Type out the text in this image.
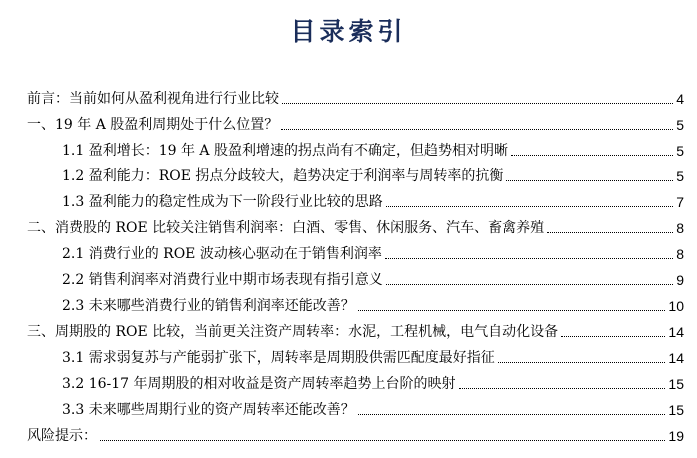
目录索引
前言：当前如何从盈利视角进行行业比较	4
一、19 年 A 股盈利周期处于什么位置？	5
1.1 盈利增长：19 年 A 股盈利增速的拐点尚有不确定，但趋势相对明晰	5
1.2 盈利能力：ROE 拐点分歧较大，趋势决定于利润率与周转率的抗衡	5
1.3 盈利能力的稳定性成为下一阶段行业比较的思路	7
二、消费股的 ROE 比较关注销售利润率：白酒、零售、休闲服务、汽车、畜禽养殖	8
2.1 消费行业的 ROE 波动核心驱动在于销售利润率	8
2.2 销售利润率对消费行业中期市场表现有指引意义	9
2.3 未来哪些消费行业的销售利润率还能改善？	10
三、周期股的 ROE 比较，当前更关注资产周转率：水泥，工程机械，电气自动化设备	14
3.1 需求弱复苏与产能弱扩张下，周转率是周期股供需匹配度最好指征	14
3.2 16-17 年周期股的相对收益是资产周转率趋势上台阶的映射	15
3.3 未来哪些周期行业的资产周转率还能改善？	15
风险提示：	19
